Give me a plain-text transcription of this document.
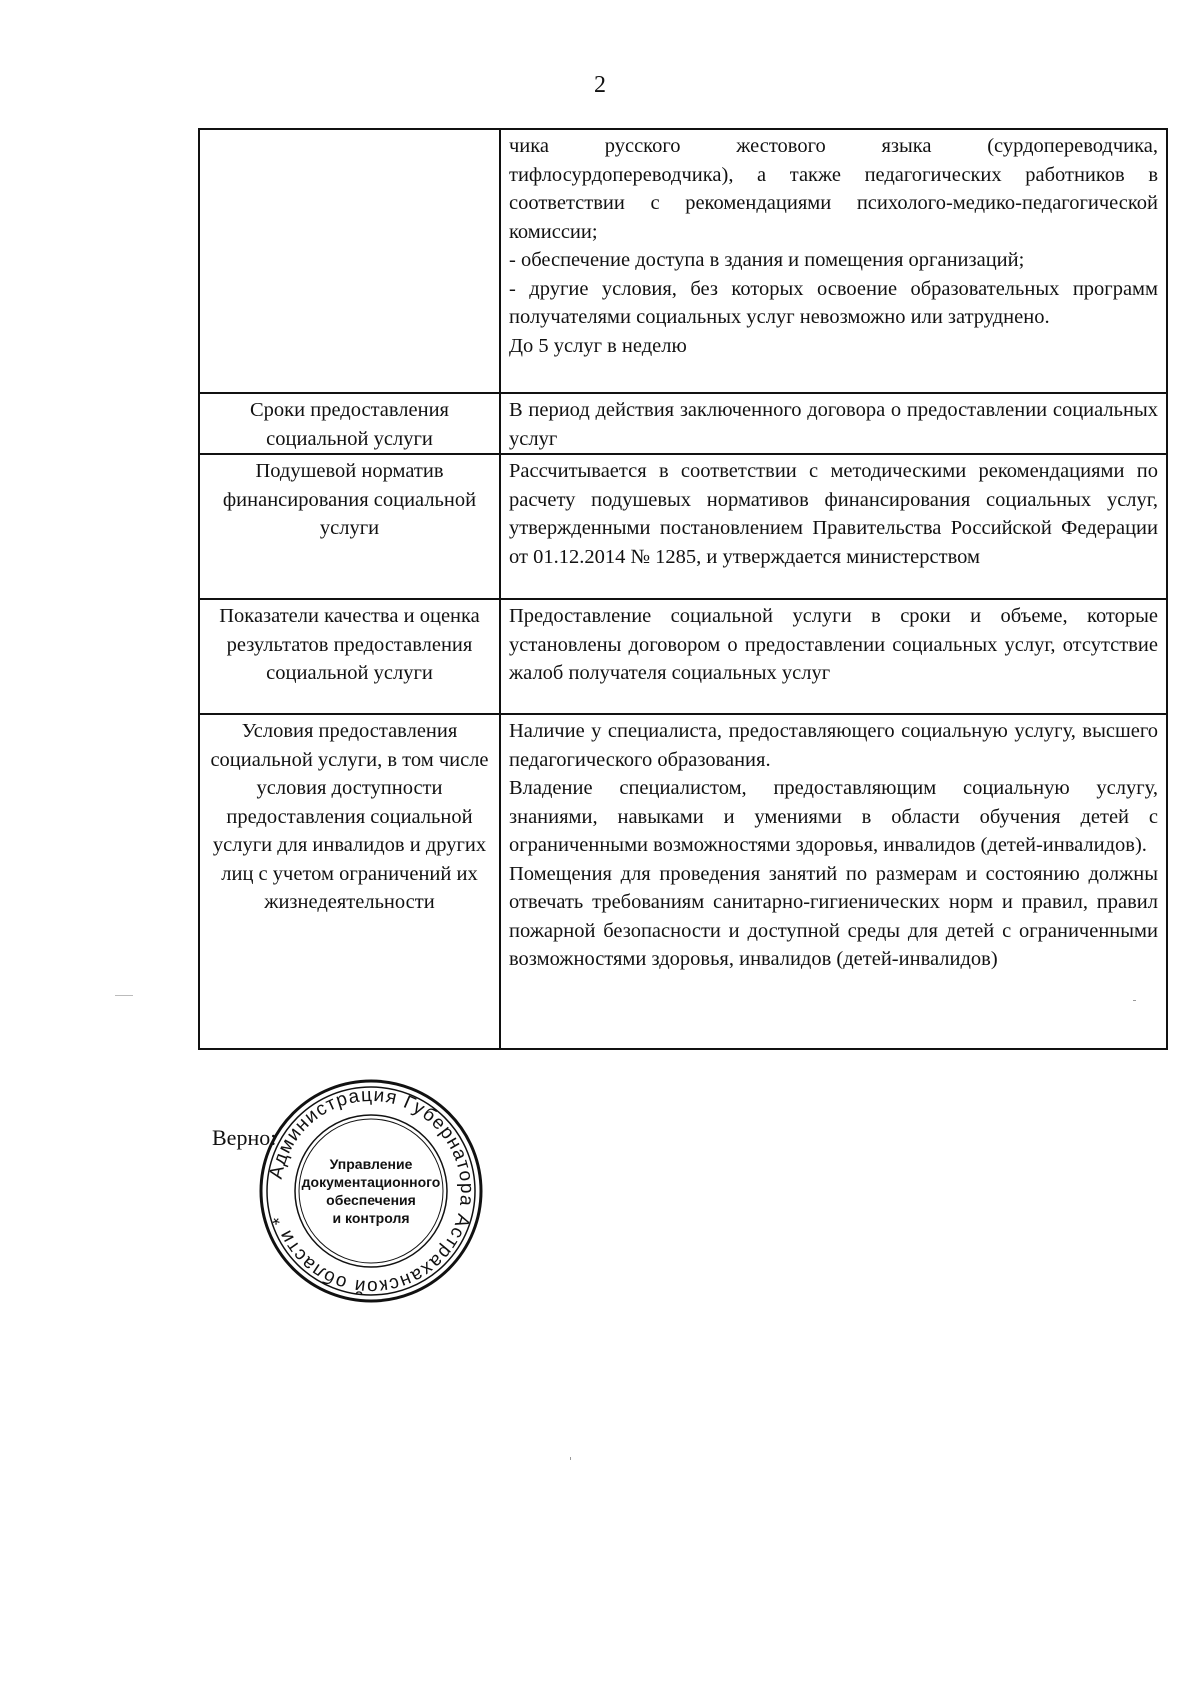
2

	чика русского жестового языка (сурдопереводчика, тифлосурдопереводчика), а также педагогических работников в соответствии с рекомендациями психолого-медико-педагогической комиссии;
- обеспечение доступа в здания и помещения организаций;
- другие условия, без которых освоение образовательных программ получателями социальных услуг невозможно или затруднено.
До 5 услуг в неделю

Сроки предоставления социальной услуги	В период действия заключенного договора о предоставлении социальных услуг

Подушевой норматив финансирования социальной услуги	Рассчитывается в соответствии с методическими рекомендациями по расчету подушевых нормативов финансирования социальных услуг, утвержденными постановлением Правительства Российской Федерации от 01.12.2014 № 1285, и утверждается министерством

Показатели качества и оценка результатов предоставления социальной услуги	Предоставление социальной услуги в сроки и объеме, которые установлены договором о предоставлении социальных услуг, отсутствие жалоб получателя социальных услуг

Условия предоставления социальной услуги, в том числе условия доступности предоставления социальной услуги для инвалидов и других лиц с учетом ограничений их жизнедеятельности	Наличие у специалиста, предоставляющего социальную услугу, высшего педагогического образования.
Владение специалистом, предоставляющим социальную услугу, знаниями, навыками и умениями в области обучения детей с ограниченными возможностями здоровья, инвалидов (детей-инвалидов).
Помещения для проведения занятий по размерам и состоянию должны отвечать требованиям санитарно-гигиенических норм и правил, правил пожарной безопасности и доступной среды для детей с ограниченными возможностями здоровья, инвалидов (детей-инвалидов)
Верно:
Администрация Губернатора Астраханской области *
Управление
документационного
обеспечения
и контроля
